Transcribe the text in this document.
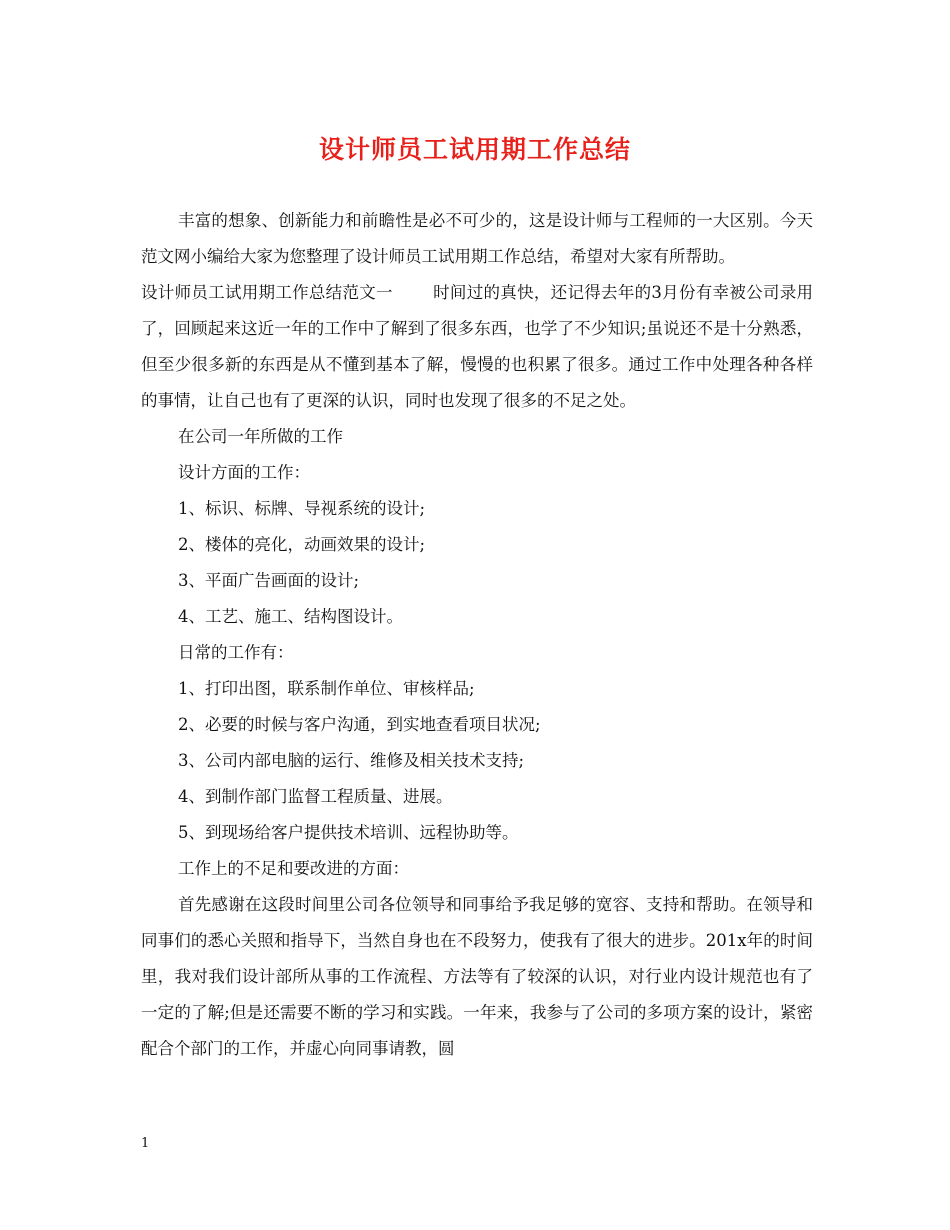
设计师员工试用期工作总结

丰富的想象、创新能力和前瞻性是必不可少的，这是设计师与工程师的一大区别。今天范文网小编给大家为您整理了设计师员工试用期工作总结，希望对大家有所帮助。

设计师员工试用期工作总结范文一 时间过的真快，还记得去年的3月份有幸被公司录用了，回顾起来这近一年的工作中了解到了很多东西，也学了不少知识;虽说还不是十分熟悉，但至少很多新的东西是从不懂到基本了解，慢慢的也积累了很多。通过工作中处理各种各样的事情，让自己也有了更深的认识，同时也发现了很多的不足之处。

在公司一年所做的工作

设计方面的工作：

1、标识、标牌、导视系统的设计;

2、楼体的亮化，动画效果的设计;

3、平面广告画面的设计;

4、工艺、施工、结构图设计。

日常的工作有：

1、打印出图，联系制作单位、审核样品;

2、必要的时候与客户沟通，到实地查看项目状况;

3、公司内部电脑的运行、维修及相关技术支持;

4、到制作部门监督工程质量、进展。

5、到现场给客户提供技术培训、远程协助等。

工作上的不足和要改进的方面：

首先感谢在这段时间里公司各位领导和同事给予我足够的宽容、支持和帮助。在领导和同事们的悉心关照和指导下，当然自身也在不段努力，使我有了很大的进步。201x年的时间里，我对我们设计部所从事的工作流程、方法等有了较深的认识，对行业内设计规范也有了一定的了解;但是还需要不断的学习和实践。一年来，我参与了公司的多项方案的设计，紧密配合个部门的工作，并虚心向同事请教，圆

1
